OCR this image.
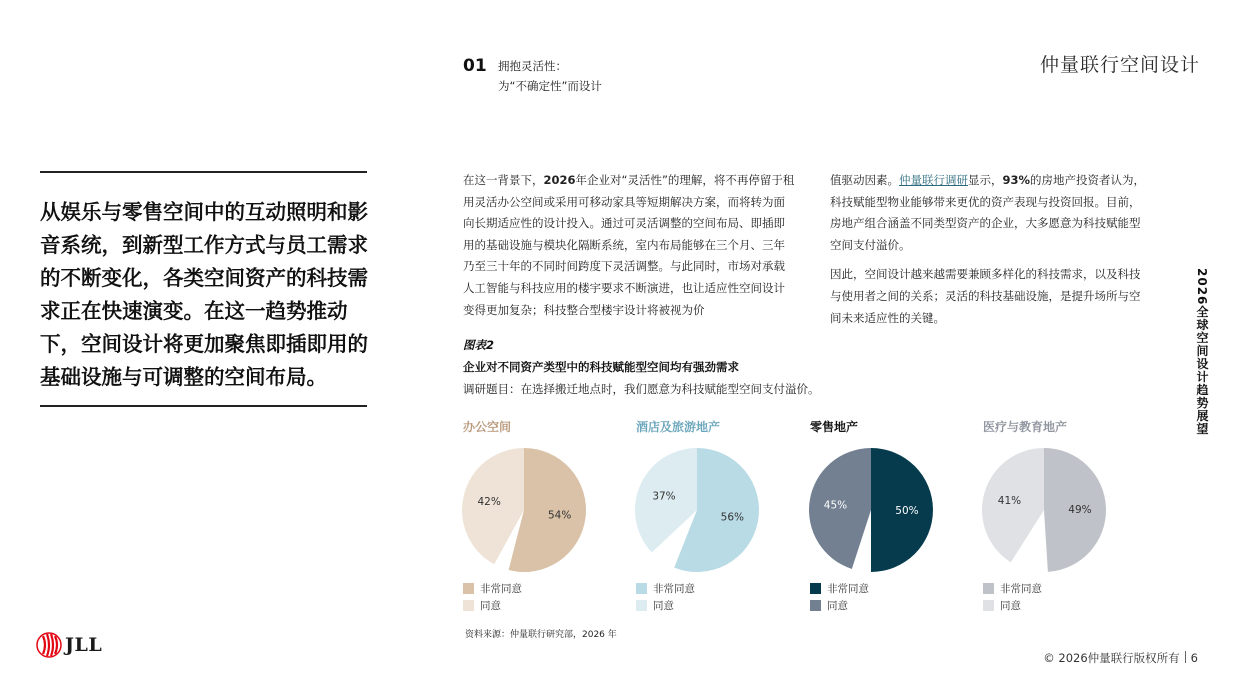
仲量联行空间设计
01 拥抱灵活性：
为“不确定性”而设计
从娱乐与零售空间中的互动照明和影音系统，到新型工作方式与员工需求的不断变化，各类空间资产的科技需求正在快速演变。在这一趋势推动下，空间设计将更加聚焦即插即用的基础设施与可调整的空间布局。
在这一背景下，2026年企业对“灵活性”的理解，将不再停留于租用灵活办公空间或采用可移动家具等短期解决方案，而将转为面向长期适应性的设计投入。通过可灵活调整的空间布局、即插即用的基础设施与模块化隔断系统，室内布局能够在三个月、三年乃至三十年的不同时间跨度下灵活调整。与此同时，市场对承载人工智能与科技应用的楼宇要求不断演进，也让适应性空间设计变得更加复杂；科技整合型楼宇设计将被视为价

值驱动因素。仲量联行调研显示，93%的房地产投资者认为，科技赋能型物业能够带来更优的资产表现与投资回报。目前，房地产组合涵盖不同类型资产的企业，大多愿意为科技赋能型空间支付溢价。

因此，空间设计越来越需要兼顾多样化的科技需求，以及科技与使用者之间的关系；灵活的科技基础设施，是提升场所与空间未来适应性的关键。	2026全球空间设计趋势展望
图表2
企业对不同资产类型中的科技赋能型空间均有强劲需求
调研题目：在选择搬迁地点时，我们愿意为科技赋能型空间支付溢价。
办公空间
54%
42%
非常同意
同意
酒店及旅游地产
56%
37%
非常同意
同意
零售地产
50%
45%
非常同意
同意
医疗与教育地产
49%
41%
非常同意
同意
资料来源：仲量联行研究部，2026 年
JLL
© 2026仲量联行版权所有 6
